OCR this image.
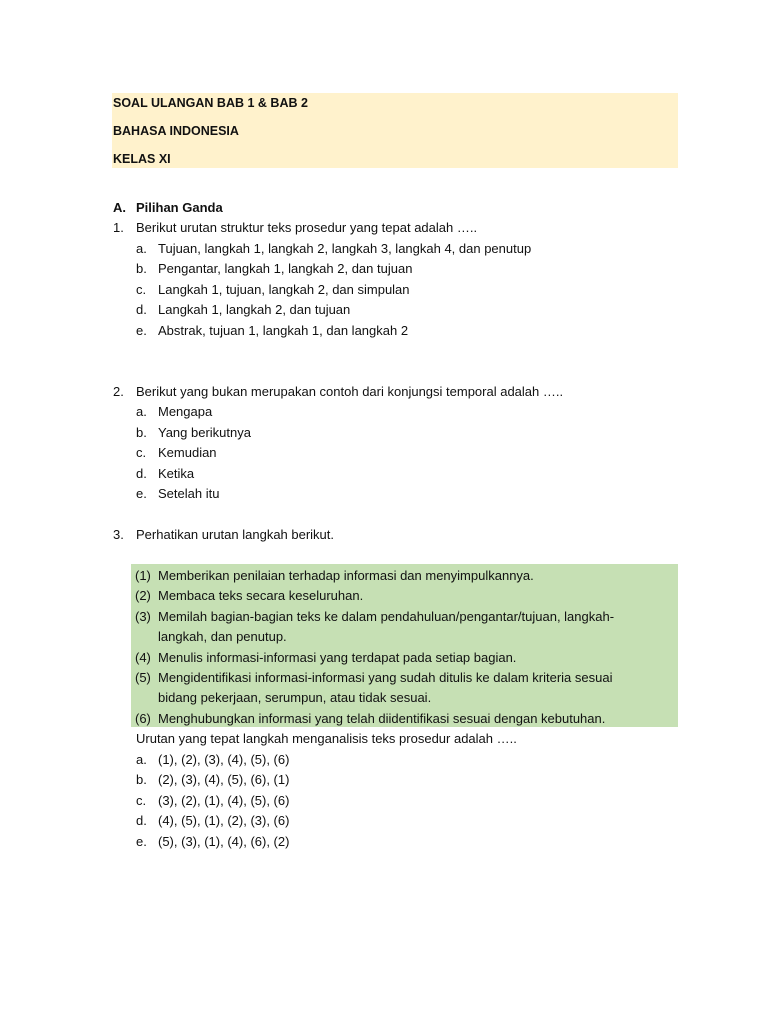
SOAL ULANGAN BAB 1 & BAB 2
BAHASA INDONESIA
KELAS XI
A. Pilihan Ganda
1. Berikut urutan struktur teks prosedur yang tepat adalah …..
a. Tujuan, langkah 1, langkah 2, langkah 3, langkah 4, dan penutup
b. Pengantar, langkah 1, langkah 2, dan tujuan
c. Langkah 1, tujuan, langkah 2, dan simpulan
d. Langkah 1, langkah 2, dan tujuan
e. Abstrak, tujuan 1, langkah 1, dan langkah 2
2. Berikut yang bukan merupakan contoh dari konjungsi temporal adalah …..
a. Mengapa
b. Yang berikutnya
c. Kemudian
d. Ketika
e. Setelah itu
3. Perhatikan urutan langkah berikut.
(1) Memberikan penilaian terhadap informasi dan menyimpulkannya.
(2) Membaca teks secara keseluruhan.
(3) Memilah bagian-bagian teks ke dalam pendahuluan/pengantar/tujuan, langkah-
langkah, dan penutup.
(4) Menulis informasi-informasi yang terdapat pada setiap bagian.
(5) Mengidentifikasi informasi-informasi yang sudah ditulis ke dalam kriteria sesuai
bidang pekerjaan, serumpun, atau tidak sesuai.
(6) Menghubungkan informasi yang telah diidentifikasi sesuai dengan kebutuhan.
Urutan yang tepat langkah menganalisis teks prosedur adalah …..
a. (1), (2), (3), (4), (5), (6)
b. (2), (3), (4), (5), (6), (1)
c. (3), (2), (1), (4), (5), (6)
d. (4), (5), (1), (2), (3), (6)
e. (5), (3), (1), (4), (6), (2)
